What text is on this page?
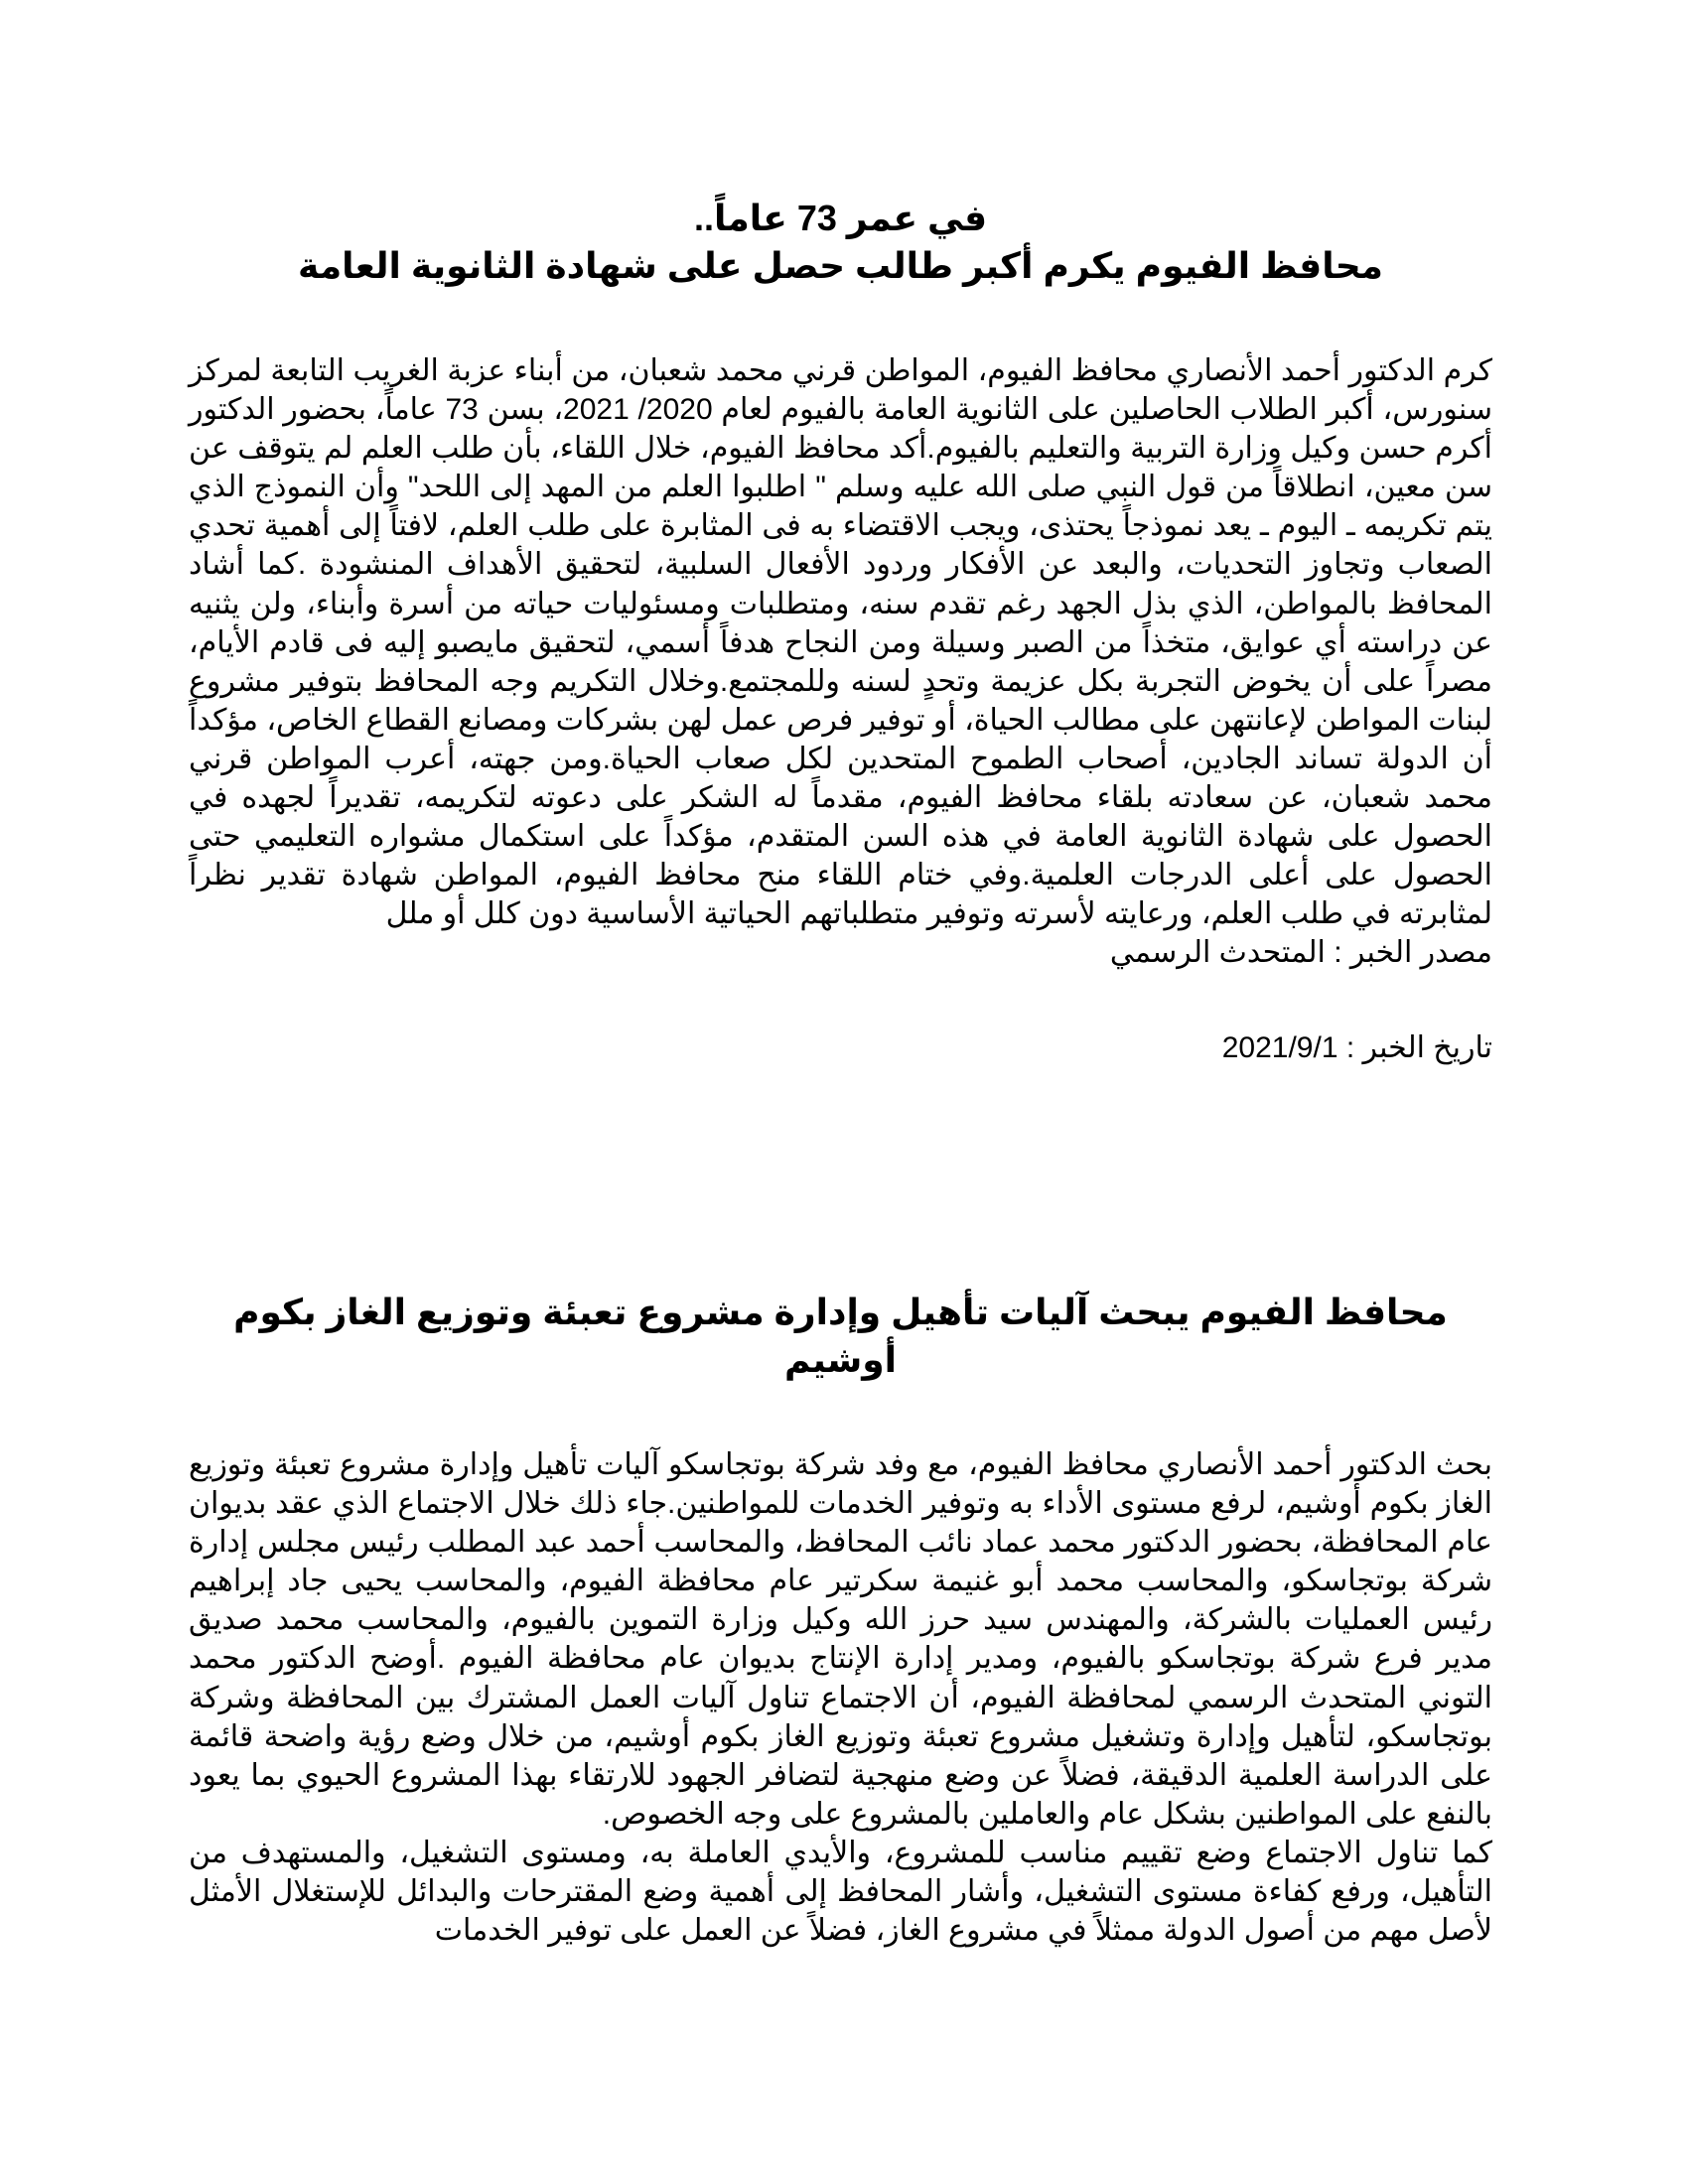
في عمر 73 عاماً..
محافظ الفيوم يكرم أكبر طالب حصل على شهادة الثانوية العامة

كرم الدكتور أحمد الأنصاري محافظ الفيوم، المواطن قرني محمد شعبان، من أبناء عزبة الغريب التابعة لمركز سنورس، أكبر الطلاب الحاصلين على الثانوية العامة بالفيوم لعام 2020/ 2021، بسن 73 عاماً، بحضور الدكتور أكرم حسن وكيل وزارة التربية والتعليم بالفيوم.أكد محافظ الفيوم، خلال اللقاء، بأن طلب العلم لم يتوقف عن سن معين، انطلاقاً من قول النبي صلى الله عليه وسلم " اطلبوا العلم من المهد إلى اللحد" وأن النموذج الذي يتم تكريمه ـ اليوم ـ يعد نموذجاً يحتذى، ويجب الاقتضاء به فى المثابرة على طلب العلم، لافتاً إلى أهمية تحدي الصعاب وتجاوز التحديات، والبعد عن الأفكار وردود الأفعال السلبية، لتحقيق الأهداف المنشودة .كما أشاد المحافظ بالمواطن، الذي بذل الجهد رغم تقدم سنه، ومتطلبات ومسئوليات حياته من أسرة وأبناء، ولن يثنيه عن دراسته أي عوايق، متخذاً من الصبر وسيلة ومن النجاح هدفاً أسمي، لتحقيق مايصبو إليه فى قادم الأيام، مصراً على أن يخوض التجربة بكل عزيمة وتحدٍ لسنه وللمجتمع.وخلال التكريم وجه المحافظ بتوفير مشروع لبنات المواطن لإعانتهن على مطالب الحياة، أو توفير فرص عمل لهن بشركات ومصانع القطاع الخاص، مؤكداً أن الدولة تساند الجادين، أصحاب الطموح المتحدين لكل صعاب الحياة.ومن جهته، أعرب المواطن قرني محمد شعبان، عن سعادته بلقاء محافظ الفيوم، مقدماً له الشكر على دعوته لتكريمه، تقديراً لجهده في الحصول على شهادة الثانوية العامة في هذه السن المتقدم، مؤكداً على استكمال مشواره التعليمي حتى الحصول على أعلى الدرجات العلمية.وفي ختام اللقاء منح محافظ الفيوم، المواطن شهادة تقدير نظراً لمثابرته في طلب العلم، ورعايته لأسرته وتوفير متطلباتهم الحياتية الأساسية دون كلل أو ملل

مصدر الخبر : المتحدث الرسمي

تاريخ الخبر : 2021/9/1

محافظ الفيوم يبحث آليات تأهيل وإدارة مشروع تعبئة وتوزيع الغاز بكوم أوشيم

بحث الدكتور أحمد الأنصاري محافظ الفيوم، مع وفد شركة بوتجاسكو آليات تأهيل وإدارة مشروع تعبئة وتوزيع الغاز بكوم أوشيم، لرفع مستوى الأداء به وتوفير الخدمات للمواطنين.جاء ذلك خلال الاجتماع الذي عقد بديوان عام المحافظة، بحضور الدكتور محمد عماد نائب المحافظ، والمحاسب أحمد عبد المطلب رئيس مجلس إدارة شركة بوتجاسكو، والمحاسب محمد أبو غنيمة سكرتير عام محافظة الفيوم، والمحاسب يحيى جاد إبراهيم رئيس العمليات بالشركة، والمهندس سيد حرز الله وكيل وزارة التموين بالفيوم، والمحاسب محمد صديق مدير فرع شركة بوتجاسكو بالفيوم، ومدير إدارة الإنتاج بديوان عام محافظة الفيوم .أوضح الدكتور محمد التوني المتحدث الرسمي لمحافظة الفيوم، أن الاجتماع تناول آليات العمل المشترك بين المحافظة وشركة بوتجاسكو، لتأهيل وإدارة وتشغيل مشروع تعبئة وتوزيع الغاز بكوم أوشيم، من خلال وضع رؤية واضحة قائمة على الدراسة العلمية الدقيقة، فضلاً عن وضع منهجية لتضافر الجهود للارتقاء بهذا المشروع الحيوي بما يعود بالنفع على المواطنين بشكل عام والعاملين بالمشروع على وجه الخصوص.

كما تناول الاجتماع وضع تقييم مناسب للمشروع، والأيدي العاملة به، ومستوى التشغيل، والمستهدف من التأهيل، ورفع كفاءة مستوى التشغيل، وأشار المحافظ إلى أهمية وضع المقترحات والبدائل للإستغلال الأمثل لأصل مهم من أصول الدولة ممثلاً في مشروع الغاز، فضلاً عن العمل على توفير الخدمات
